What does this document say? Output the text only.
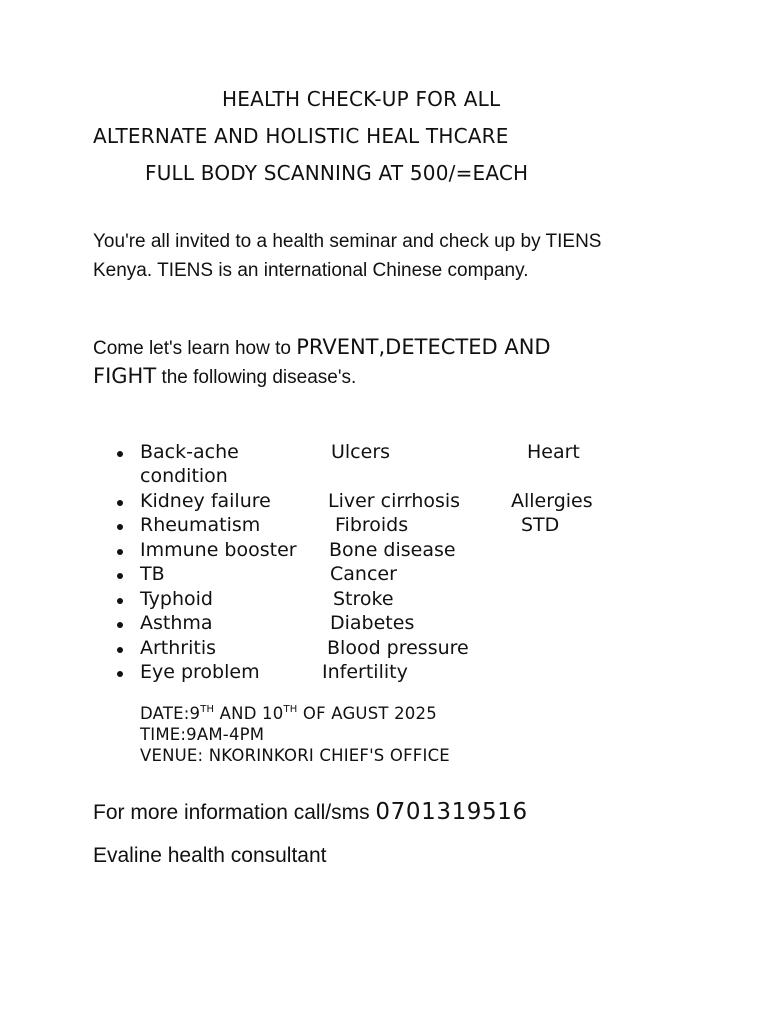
HEALTH CHECK-UP FOR ALL
ALTERNATE AND HOLISTIC HEAL THCARE
FULL BODY SCANNING AT 500/=EACH
You're all invited to a health seminar and check up by TIENS
Kenya. TIENS is an international Chinese company.
Come let's learn how to PRVENT,DETECTED AND
FIGHT the following disease's.
Back-ache	Ulcers	Heart
condition
Kidney failure	Liver cirrhosis	Allergies
Rheumatism	Fibroids	STD
Immune booster Bone disease
TB	Cancer
Typhoid	Stroke
Asthma	Diabetes
Arthritis	Blood pressure
Eye problem	Infertility
DATE:9TH AND 10TH OF AGUST 2025
TIME:9AM-4PM
VENUE: NKORINKORI CHIEF'S OFFICE
For more information call/sms 0701319516
Evaline health consultant
